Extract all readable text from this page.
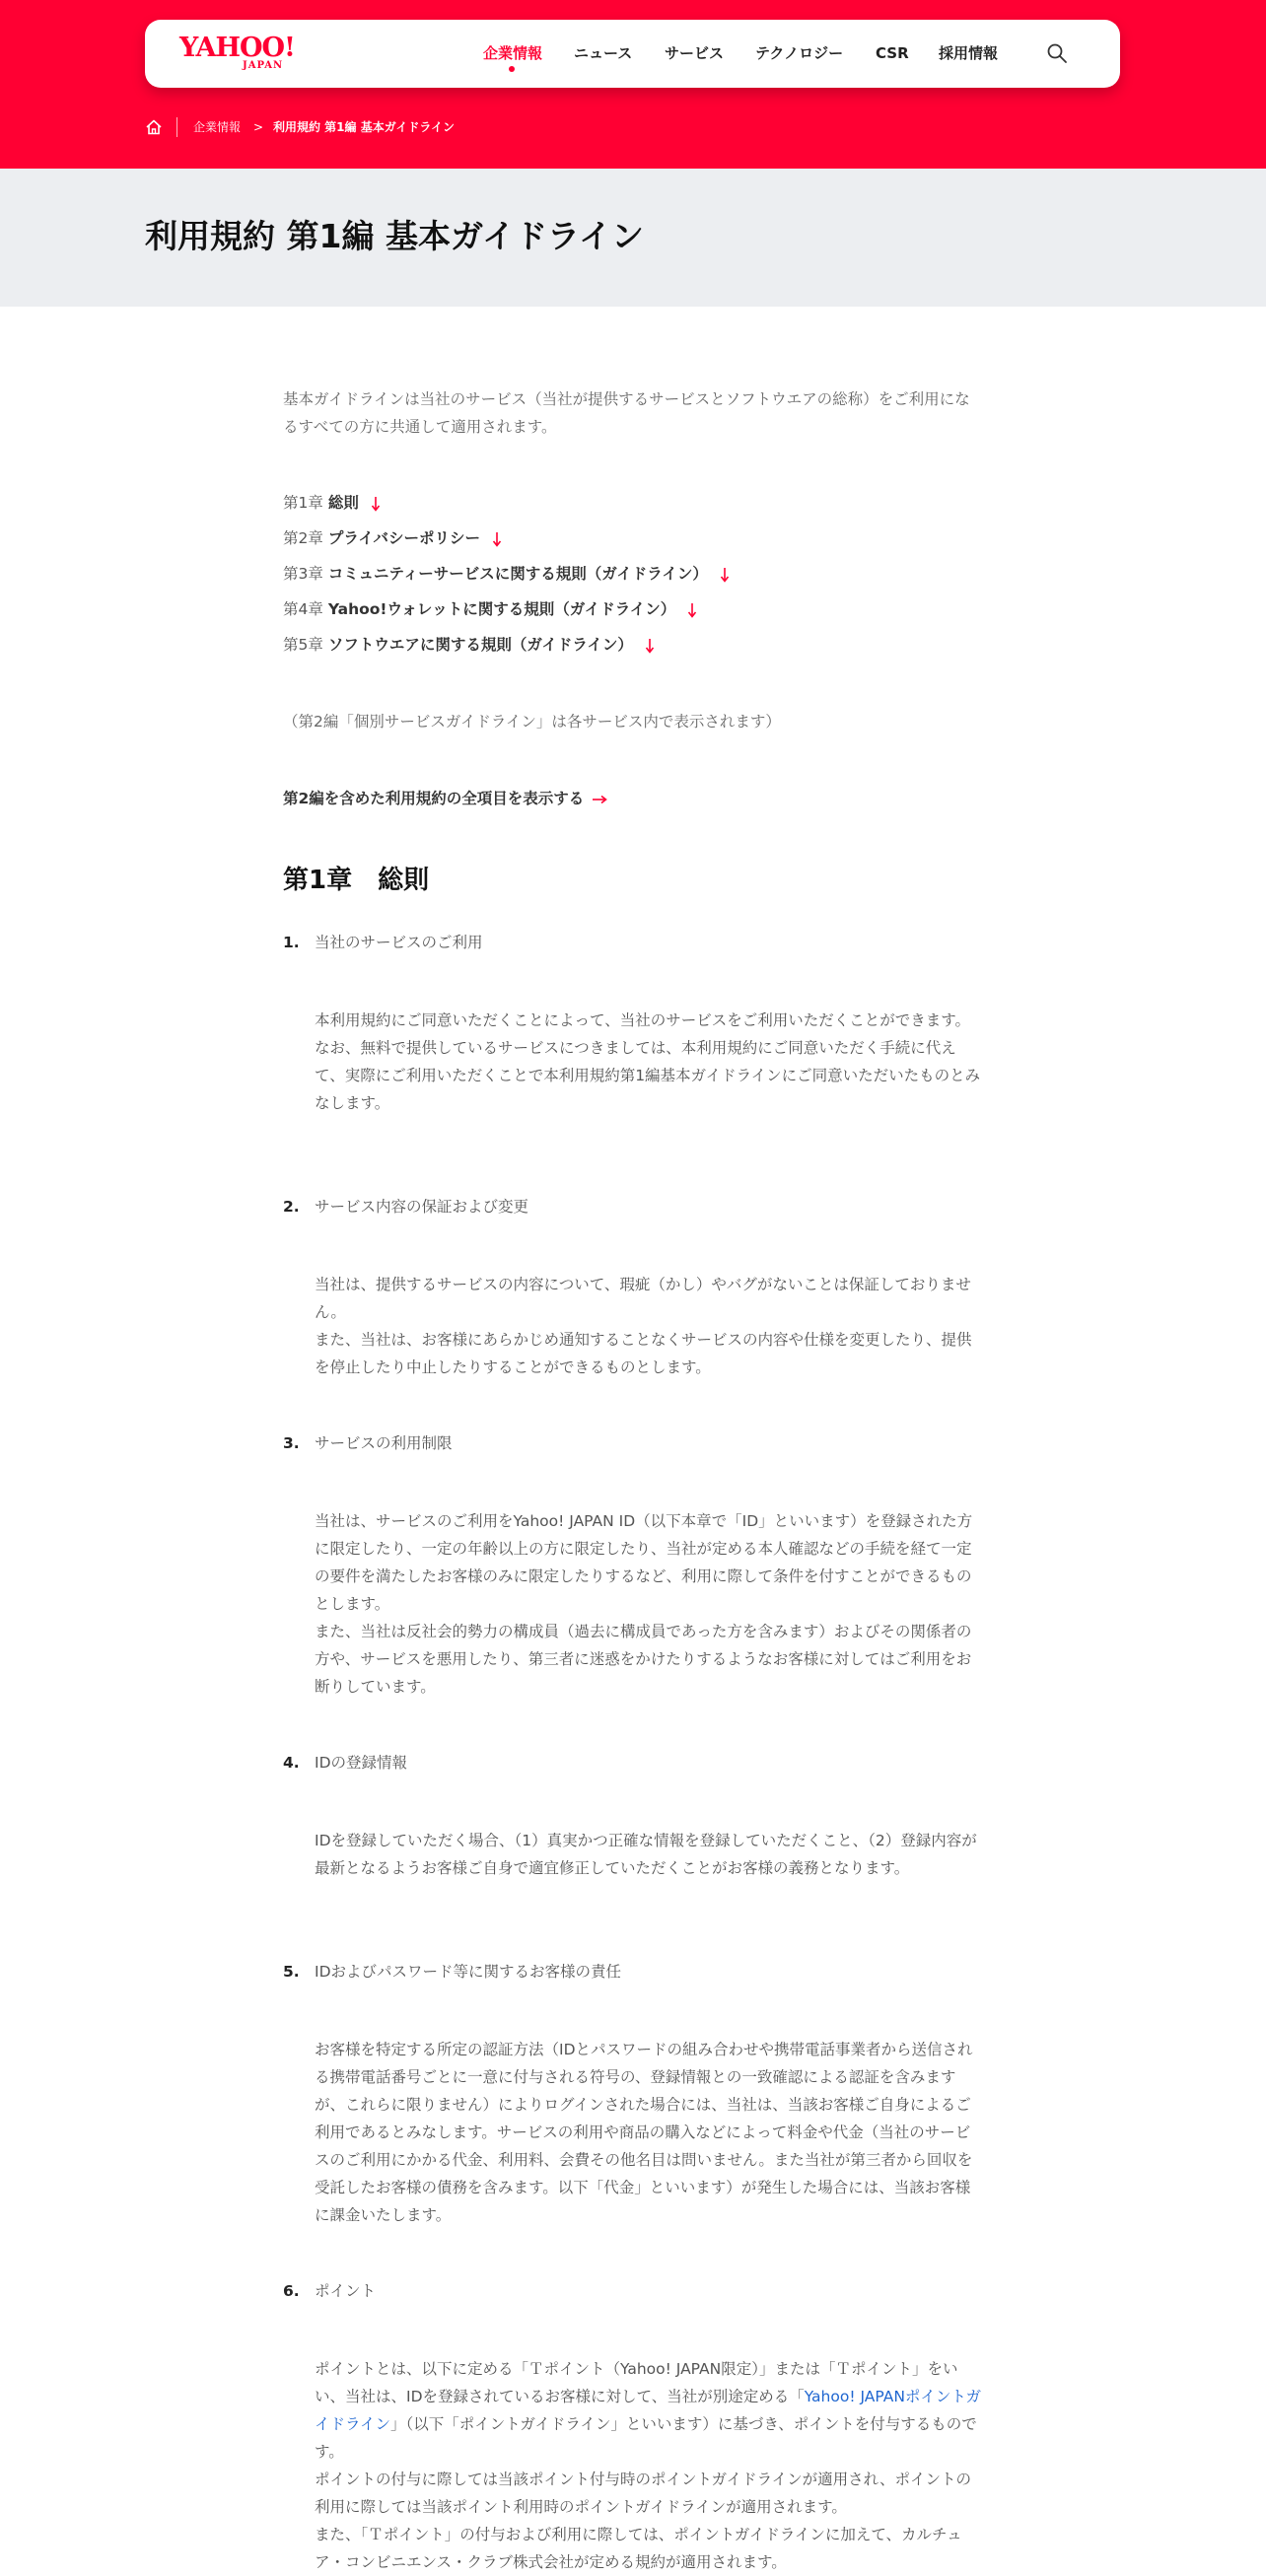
YAHOO!
JAPAN
企業情報 ニュース サービス テクノロジー CSR 採用情報
企業情報 > 利用規約 第1編 基本ガイドライン
利用規約 第1編 基本ガイドライン

基本ガイドラインは当社のサービス（当社が提供するサービスとソフトウエアの総称）をご利用になるすべての方に共通して適用されます。

第1章 総則
第2章 プライバシーポリシー
第3章 コミュニティーサービスに関する規則（ガイドライン）
第4章 Yahoo!ウォレットに関する規則（ガイドライン）
第5章 ソフトウエアに関する規則（ガイドライン）

（第2編「個別サービスガイドライン」は各サービス内で表示されます）

第2編を含めた利用規約の全項目を表示する
第1章　総則
1. 当社のサービスのご利用

本利用規約にご同意いただくことによって、当社のサービスをご利用いただくことができます。

なお、無料で提供しているサービスにつきましては、本利用規約にご同意いただく手続に代えて、実際にご利用いただくことで本利用規約第1編基本ガイドラインにご同意いただいたものとみなします。

2. サービス内容の保証および変更

当社は、提供するサービスの内容について、瑕疵（かし）やバグがないことは保証しておりません。

また、当社は、お客様にあらかじめ通知することなくサービスの内容や仕様を変更したり、提供を停止したり中止したりすることができるものとします。

3. サービスの利用制限

当社は、サービスのご利用をYahoo! JAPAN ID（以下本章で「ID」といいます）を登録された方に限定したり、一定の年齢以上の方に限定したり、当社が定める本人確認などの手続を経て一定の要件を満たしたお客様のみに限定したりするなど、利用に際して条件を付すことができるものとします。

また、当社は反社会的勢力の構成員（過去に構成員であった方を含みます）およびその関係者の方や、サービスを悪用したり、第三者に迷惑をかけたりするようなお客様に対してはご利用をお断りしています。

4. IDの登録情報

IDを登録していただく場合、（1）真実かつ正確な情報を登録していただくこと、（2）登録内容が最新となるようお客様ご自身で適宜修正していただくことがお客様の義務となります。

5. IDおよびパスワード等に関するお客様の責任

お客様を特定する所定の認証方法（IDとパスワードの組み合わせや携帯電話事業者から送信される携帯電話番号ごとに一意に付与される符号の、登録情報との一致確認による認証を含みますが、これらに限りません）によりログインされた場合には、当社は、当該お客様ご自身によるご利用であるとみなします。サービスの利用や商品の購入などによって料金や代金（当社のサービスのご利用にかかる代金、利用料、会費その他名目は問いません。また当社が第三者から回収を受託したお客様の債務を含みます。以下「代金」といいます）が発生した場合には、当該お客様に課金いたします。

6. ポイント

ポイントとは、以下に定める「Ｔポイント（Yahoo! JAPAN限定）」または「Ｔポイント」をいい、当社は、IDを登録されているお客様に対して、当社が別途定める「Yahoo! JAPANポイントガイドライン」（以下「ポイントガイドライン」といいます）に基づき、ポイントを付与するものです。

ポイントの付与に際しては当該ポイント付与時のポイントガイドラインが適用され、ポイントの利用に際しては当該ポイント利用時のポイントガイドラインが適用されます。

また、「Ｔポイント」の付与および利用に際しては、ポイントガイドラインに加えて、カルチュア・コンビニエンス・クラブ株式会社が定める規約が適用されます。
